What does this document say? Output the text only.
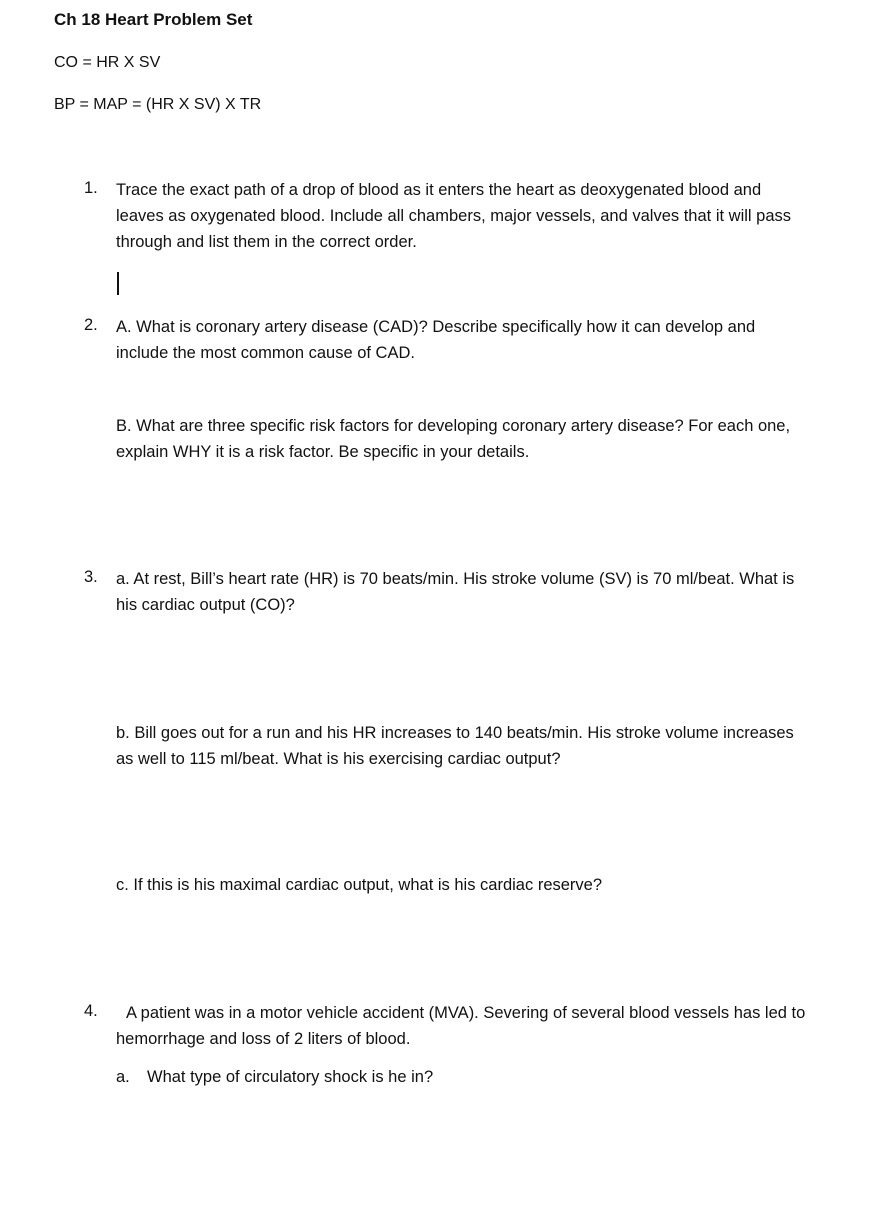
Ch 18 Heart Problem Set
CO = HR X SV
BP = MAP = (HR X SV) X TR
1. Trace the exact path of a drop of blood as it enters the heart as deoxygenated blood and leaves as oxygenated blood. Include all chambers, major vessels, and valves that it will pass through and list them in the correct order.
2. A. What is coronary artery disease (CAD)? Describe specifically how it can develop and include the most common cause of CAD.
B. What are three specific risk factors for developing coronary artery disease? For each one, explain WHY it is a risk factor. Be specific in your details.
3. a. At rest, Bill’s heart rate (HR) is 70 beats/min. His stroke volume (SV) is 70 ml/beat. What is his cardiac output (CO)?
b. Bill goes out for a run and his HR increases to 140 beats/min. His stroke volume increases as well to 115 ml/beat. What is his exercising cardiac output?
c. If this is his maximal cardiac output, what is his cardiac reserve?
4.	A patient was in a motor vehicle accident (MVA). Severing of several blood vessels has led to hemorrhage and loss of 2 liters of blood.
a. What type of circulatory shock is he in?
